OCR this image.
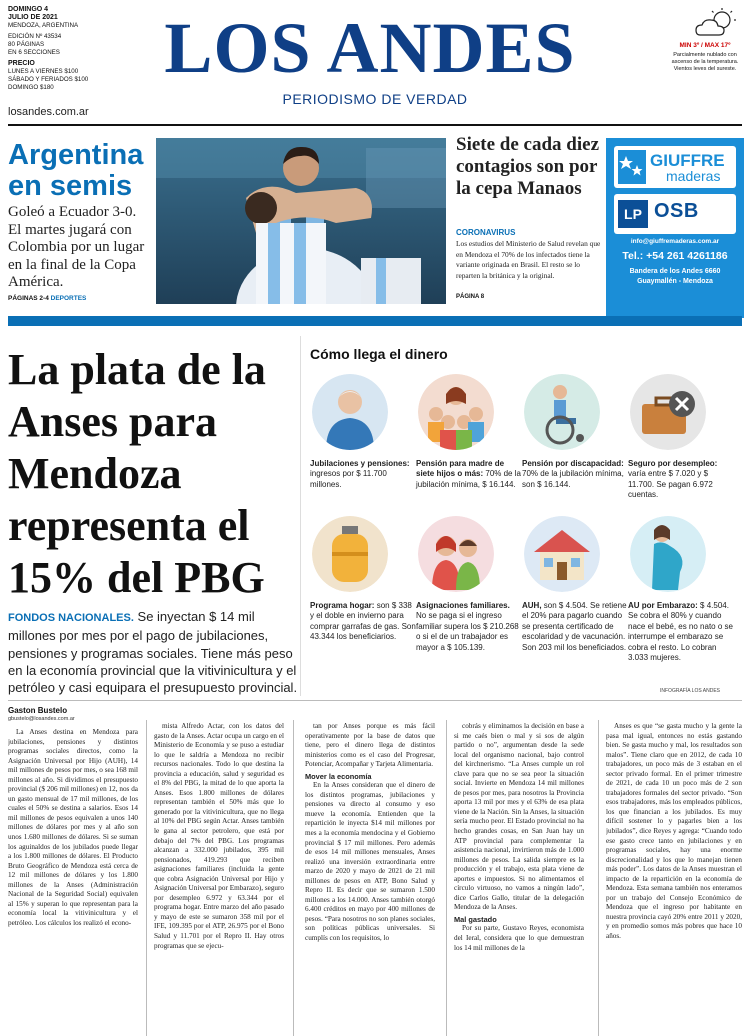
DOMINGO 4
JULIO DE 2021
MENDOZA, ARGENTINA
EDICIÓN Nº 43534
80 PÁGINAS
EN 6 SECCIONES
PRECIO
LUNES A VIERNES $100
SÁBADO Y FERIADOS $100
DOMINGO $180	LOS ANDES
PERIODISMO DE VERDAD
losandes.com.ar
MIN 3º / MAX 17º
Parcialmente nublado con ascenso de la temperatura. Vientos leves del sureste.
Argentina en semis
Goleó a Ecuador 3-0. El martes jugará con Colombia por un lugar en la final de la Copa América.
PÁGINAS 2-4 DEPORTES
Siete de cada diez contagios son por la cepa Manaos
CORONAVIRUS
Los estudios del Ministerio de Salud revelan que en Mendoza el 70% de los infectados tiene la variante originada en Brasil. El resto se lo reparten la británica y la original.
PÁGINA 8
GIUFFRE
maderas
LP OSB
info@giuffremaderas.com.ar
Tel.: +54 261 4261186
Bandera de los Andes 6660
Guaymallén - Mendoza
La plata de la Anses para Mendoza representa el 15% del PBG
FONDOS NACIONALES. Se inyectan $ 14 mil millones por mes por el pago de jubilaciones, pensiones y programas sociales. Tiene más peso en la economía provincial que la vitivinicultura y el petróleo y casi equipara el presupuesto provincial.
Cómo llega el dinero
Jubilaciones y pensiones: ingresos por $ 11.700 millones.
Pensión para madre de siete hijos o más: 70% de la jubilación mínima, $ 16.144.
Pensión por discapacidad: 70% de la jubilación mínima, son $ 16.144.
Seguro por desempleo: varía entre $ 7.020 y $ 11.700. Se pagan 6.972 cuentas.
Programa hogar: son $ 338 y el doble en invierno para comprar garrafas de gas. Son 43.344 los beneficiarios.
Asignaciones familiares. No se paga si el ingreso familiar supera los $ 210.268 o si el de un trabajador es mayor a $ 105.139.
AUH, son $ 4.504. Se retiene el 20% para pagarlo cuando se presenta certificado de escolaridad y de vacunación. Son 203 mil los beneficiados.
AU por Embarazo: $ 4.504. Se cobra el 80% y cuando nace el bebé, es no nato o se interrumpe el embarazo se cobra el resto. Lo cobran 3.033 mujeres.
INFOGRAFÍA LOS ANDES
Gaston Bustelo
gbustelo@losandes.com.ar

La Anses destina en Mendoza para jubilaciones, pensiones y distintos programas sociales directos, como la Asignación Universal por Hijo (AUH), 14 mil millones de pesos por mes, o sea 168 mil millones al año. Si dividimos el presupuesto provincial ($ 206 mil millones) en 12, nos da un gasto mensual de 17 mil millones, de los cuales el 50% se destina a salarios. Esos 14 mil millones de pesos equivalen a unos 140 millones de dólares por mes y al año son unos 1.680 millones de dólares. Si se suman los aguinaldos de los jubilados puede llegar a los 1.800 millones de dólares. El Producto Bruto Geográfico de Mendoza está cerca de 12 mil millones de dólares y los 1.800 millones de la Anses (Administración Nacional de la Seguridad Social) equivalen al 15% y superan lo que representan para la economía local la vitivinicultura y el petróleo. Los cálculos los realizó el econo-

mista Alfredo Actar, con los datos del gasto de la Anses. Actar ocupa un cargo en el Ministerio de Economía y se puso a estudiar lo que le saldría a Mendoza no recibir recursos nacionales. Todo lo que destina la provincia a educación, salud y seguridad es el 8% del PBG, la mitad de lo que aporta la Anses. Esos 1.800 millones de dólares representan también el 50% más que lo generado por la vitivinicultura, que no llega al 10% del PBG según Actar. Anses también le gana al sector petrolero, que está por debajo del 7% del PBG. Los programas alcanzan a 332.000 jubilados, 395 mil pensionados, 419.293 que reciben asignaciones familiares (incluida la gente que cobra Asignación Universal por Hijo y Asignación Universal por Embarazo), seguro por desempleo 6.972 y 63.344 por el programa hogar. Entre marzo del año pasado y mayo de este se sumaron 358 mil por el IFE, 109.395 por el ATP, 26.975 por el Bono Salud y 11.701 por el Repro II. Hay otros programas que se ejecu-

tan por Anses porque es más fácil operativamente por la base de datos que tiene, pero el dinero llega de distintos ministerios como es el caso del Progresar, Potenciar, Acompañar y Tarjeta Alimentaria.

Mover la economía

En la Anses consideran que el dinero de los distintos programas, jubilaciones y pensiones va directo al consumo y eso mueve la economía. Entienden que la repartición le inyecta $14 mil millones por mes a la economía mendocina y el Gobierno provincial $ 17 mil millones. Pero además de esos 14 mil millones mensuales, Anses realizó una inversión extraordinaria entre marzo de 2020 y mayo de 2021 de 21 mil millones de pesos en ATP, Bono Salud y Repro II. Es decir que se sumaron 1.500 millones a los 14.000. Anses también otorgó 6.400 créditos en mayo por 400 millones de pesos. “Para nosotros no son planes sociales, son políticas públicas universales. Si cumplís con los requisitos, lo

cobrás y eliminamos la decisión en base a si me caés bien o mal y si sos de algún partido o no”, argumentan desde la sede local del organismo nacional, bajo control del kirchnerismo. “La Anses cumple un rol clave para que no se sea peor la situación social. Invierte en Mendoza 14 mil millones de pesos por mes, para nosotros la Provincia aporta 13 mil por mes y el 63% de esa plata viene de la Nación. Sin la Anses, la situación sería mucho peor. El Estado provincial no ha hecho grandes cosas, en San Juan hay un ATP provincial para complementar la asistencia nacional, invirtieron más de 1.000 millones de pesos. La salida siempre es la producción y el trabajo, esta plata viene de aportes e impuestos. Si no alimentamos el círculo virtuoso, no vamos a ningún lado”, dice Carlos Gallo, titular de la delegación Mendoza de la Anses.

Mal gastado

Por su parte, Gustavo Reyes, economista del Ieral, considera que lo que demuestran los 14 mil millones de la

Anses es que “se gasta mucho y la gente la pasa mal igual, entonces no estás gastando bien. Se gasta mucho y mal, los resultados son malos”. Tiene claro que en 2012, de cada 10 trabajadores, un poco más de 3 estaban en el sector privado formal. En el primer trimestre de 2021, de cada 10 un poco más de 2 son trabajadores formales del sector privado. “Son esos trabajadores, más los empleados públicos, los que financian a los jubilados. Es muy difícil sostener lo y pagarles bien a los jubilados”, dice Reyes y agrega: “Cuando todo ese gasto crece tanto en jubilaciones y en programas sociales, hay una enorme discrecionalidad y los que lo manejan tienen más poder”. Los datos de la Anses muestran el impacto de la repartición en la economía de Mendoza. Esta semana también nos enteramos por un trabajo del Consejo Económico de Mendoza que el ingreso por habitante en nuestra provincia cayó 20% entre 2011 y 2020, y en promedio somos más pobres que hace 10 años.
